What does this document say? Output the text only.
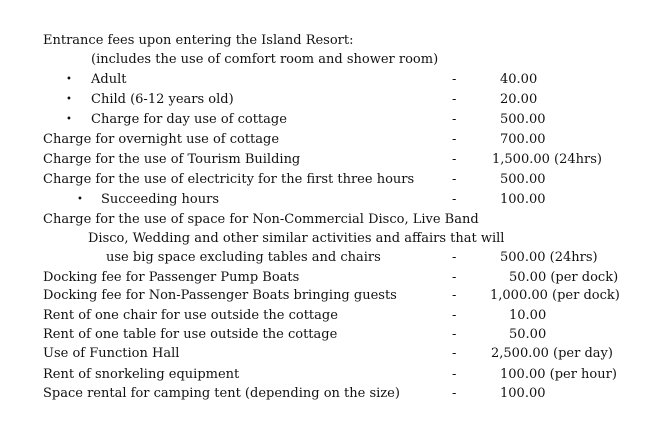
Entrance fees upon entering the Island Resort:
(includes the use of comfort room and shower room)
• Adult	-	40.00
• Child (6-12 years old)	-	20.00
• Charge for day use of cottage	-	500.00
Charge for overnight use of cottage	-	700.00
Charge for the use of Tourism Building	-	1,500.00 (24hrs)
Charge for the use of electricity for the first three hours	-	500.00
• Succeeding hours	-	100.00
Charge for the use of space for Non-Commercial Disco, Live Band
Disco, Wedding and other similar activities and affairs that will
use big space excluding tables and chairs	-	500.00 (24hrs)
Docking fee for Passenger Pump Boats	-	50.00 (per dock)
Docking fee for Non-Passenger Boats bringing guests	-	1,000.00 (per dock)
Rent of one chair for use outside the cottage	-	10.00
Rent of one table for use outside the cottage	-	50.00
Use of Function Hall	-	2,500.00 (per day)
Rent of snorkeling equipment	-	100.00 (per hour)
Space rental for camping tent (depending on the size)	-	100.00
